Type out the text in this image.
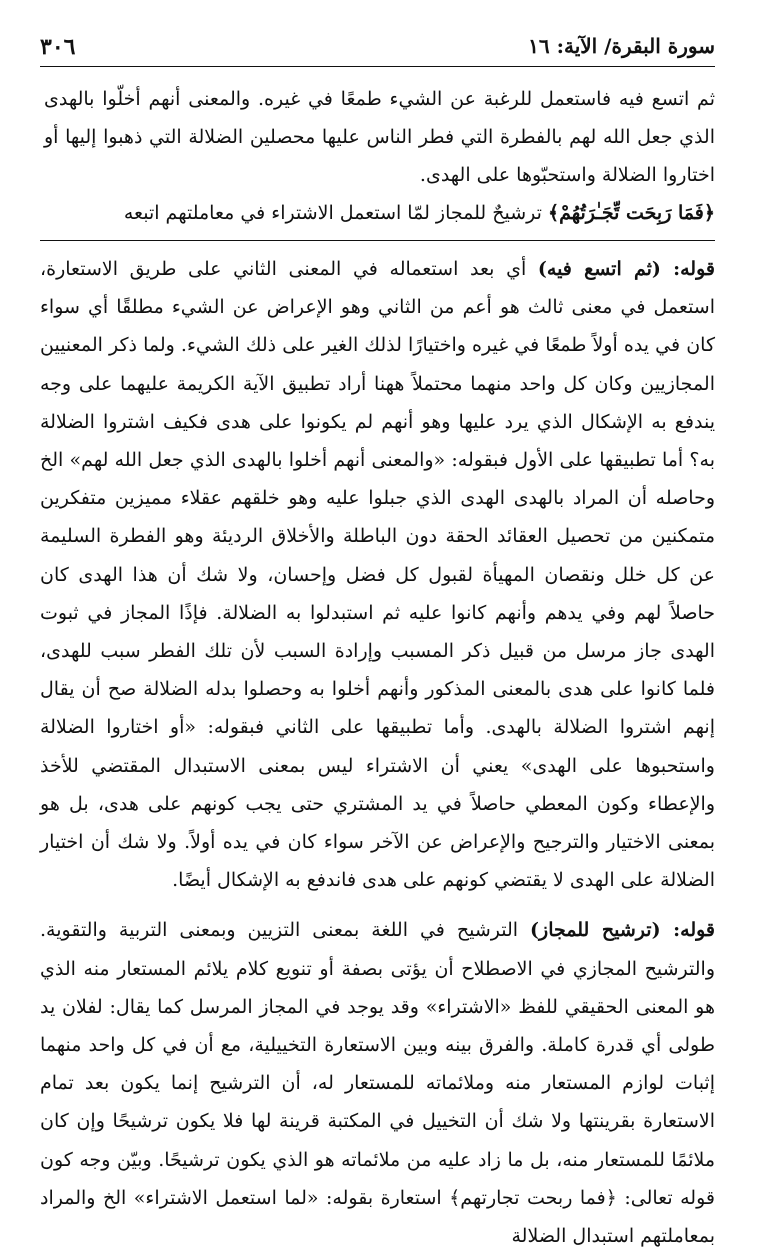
٣٠٦	سورة البقرة/ الآية: ١٦

ثم اتسع فيه فاستعمل للرغبة عن الشيء طمعًا في غيره. والمعنى أنهم أخلّوا بالهدى الذي جعل الله لهم بالفطرة التي فطر الناس عليها محصلين الضلالة التي ذهبوا إليها أو اختاروا الضلالة واستحبّوها على الهدى.

﴿فَمَا رَبِحَت تِّجَـٰرَتُهُمْ﴾ ترشيحٌ للمجاز لمّا استعمل الاشتراء في معاملتهم اتبعه

قوله: (ثم اتسع فيه) أي بعد استعماله في المعنى الثاني على طريق الاستعارة، استعمل في معنى ثالث هو أعم من الثاني وهو الإعراض عن الشيء مطلقًا أي سواء كان في يده أولاً طمعًا في غيره واختيارًا لذلك الغير على ذلك الشيء. ولما ذكر المعنيين المجازيين وكان كل واحد منهما محتملاً ههنا أراد تطبيق الآية الكريمة عليهما على وجه يندفع به الإشكال الذي يرد عليها وهو أنهم لم يكونوا على هدى فكيف اشتروا الضلالة به؟ أما تطبيقها على الأول فبقوله: «والمعنى أنهم أخلوا بالهدى الذي جعل الله لهم» الخ وحاصله أن المراد بالهدى الهدى الذي جبلوا عليه وهو خلقهم عقلاء مميزين متفكرين متمكنين من تحصيل العقائد الحقة دون الباطلة والأخلاق الرديئة وهو الفطرة السليمة عن كل خلل ونقصان المهيأة لقبول كل فضل وإحسان، ولا شك أن هذا الهدى كان حاصلاً لهم وفي يدهم وأنهم كانوا عليه ثم استبدلوا به الضلالة. فإذًا المجاز في ثبوت الهدى جاز مرسل من قبيل ذكر المسبب وإرادة السبب لأن تلك الفطر سبب للهدى، فلما كانوا على هدى بالمعنى المذكور وأنهم أخلوا به وحصلوا بدله الضلالة صح أن يقال إنهم اشتروا الضلالة بالهدى. وأما تطبيقها على الثاني فبقوله: «أو اختاروا الضلالة واستحبوها على الهدى» يعني أن الاشتراء ليس بمعنى الاستبدال المقتضي للأخذ والإعطاء وكون المعطي حاصلاً في يد المشتري حتى يجب كونهم على هدى، بل هو بمعنى الاختيار والترجيح والإعراض عن الآخر سواء كان في يده أولاً. ولا شك أن اختيار الضلالة على الهدى لا يقتضي كونهم على هدى فاندفع به الإشكال أيضًا.

قوله: (ترشيح للمجاز) الترشيح في اللغة بمعنى التزيين وبمعنى التربية والتقوية. والترشيح المجازي في الاصطلاح أن يؤتى بصفة أو تنويع كلام يلائم المستعار منه الذي هو المعنى الحقيقي للفظ «الاشتراء» وقد يوجد في المجاز المرسل كما يقال: لفلان يد طولى أي قدرة كاملة. والفرق بينه وبين الاستعارة التخييلية، مع أن في كل واحد منهما إثبات لوازم المستعار منه وملائماته للمستعار له، أن الترشيح إنما يكون بعد تمام الاستعارة بقرينتها ولا شك أن التخييل في المكتبة قرينة لها فلا يكون ترشيحًا وإن كان ملائمًا للمستعار منه، بل ما زاد عليه من ملائماته هو الذي يكون ترشيحًا. وبيّن وجه كون قوله تعالى: ﴿فما ربحت تجارتهم﴾ استعارة بقوله: «لما استعمل الاشتراء» الخ والمراد بمعاملتهم استبدال الضلالة
